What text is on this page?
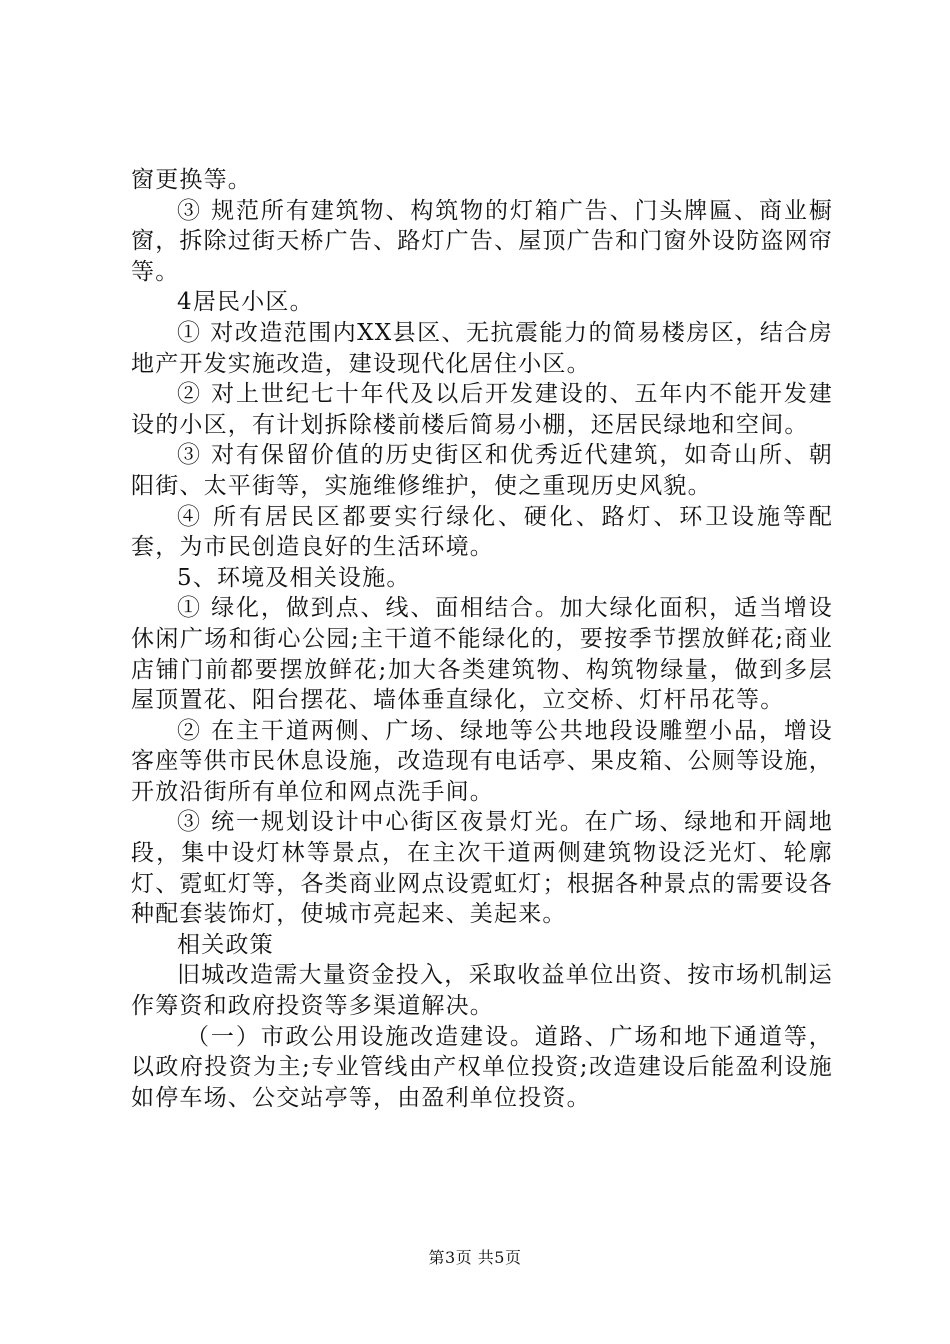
窗更换等。

③ 规范所有建筑物、构筑物的灯箱广告、门头牌匾、商业橱窗，拆除过街天桥广告、路灯广告、屋顶广告和门窗外设防盗网帘等。

4居民小区。

① 对改造范围内XX县区、无抗震能力的简易楼房区，结合房地产开发实施改造，建设现代化居住小区。

② 对上世纪七十年代及以后开发建设的、五年内不能开发建设的小区，有计划拆除楼前楼后简易小棚，还居民绿地和空间。

③ 对有保留价值的历史街区和优秀近代建筑，如奇山所、朝阳街、太平街等，实施维修维护，使之重现历史风貌。

④ 所有居民区都要实行绿化、硬化、路灯、环卫设施等配套，为市民创造良好的生活环境。

5、环境及相关设施。

① 绿化，做到点、线、面相结合。加大绿化面积，适当增设休闲广场和街心公园;主干道不能绿化的，要按季节摆放鲜花;商业店铺门前都要摆放鲜花;加大各类建筑物、构筑物绿量，做到多层屋顶置花、阳台摆花、墙体垂直绿化，立交桥、灯杆吊花等。

② 在主干道两侧、广场、绿地等公共地段设雕塑小品，增设客座等供市民休息设施，改造现有电话亭、果皮箱、公厕等设施，开放沿街所有单位和网点洗手间。

③ 统一规划设计中心街区夜景灯光。在广场、绿地和开阔地段，集中设灯林等景点，在主次干道两侧建筑物设泛光灯、轮廓灯、霓虹灯等，各类商业网点设霓虹灯；根据各种景点的需要设各种配套装饰灯，使城市亮起来、美起来。

相关政策

旧城改造需大量资金投入，采取收益单位出资、按市场机制运作筹资和政府投资等多渠道解决。

（一）市政公用设施改造建设。道路、广场和地下通道等，以政府投资为主;专业管线由产权单位投资;改造建设后能盈利设施如停车场、公交站亭等，由盈利单位投资。

第3页 共5页
